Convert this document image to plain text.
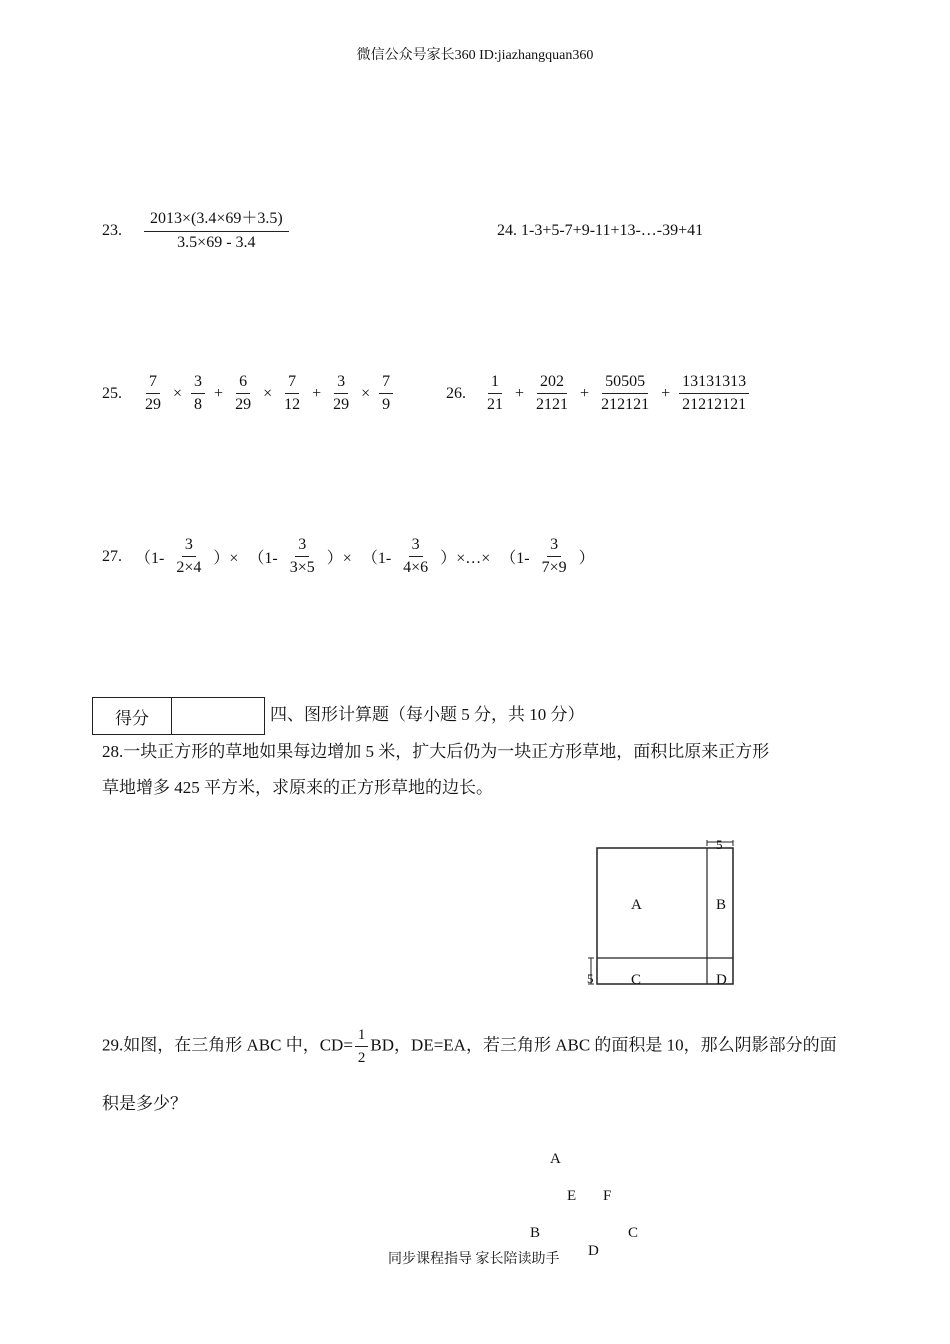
微信公众号家长360 ID:jiazhangquan360
23. $\frac{2013\times(3.4\times 69+3.5)}{3.5\times 69 - 3.4}$	24. 1-3+5-7+9-11+13-…-39+41
25. $\frac{7}{29} \times \frac{3}{8} + \frac{6}{29} \times \frac{7}{12} + \frac{3}{29} \times \frac{7}{9}$	26. $\frac{1}{21} + \frac{202}{2121} + \frac{50505}{212121} + \frac{13131313}{21212121}$
27. （$1- \frac{3}{2\times 4}$ ）× （$1- \frac{3}{3\times 5}$ ）× （$1- \frac{3}{4\times 6}$ ）×…× （$1- \frac{3}{7\times 9}$ ）
得分		四、图形计算题（每小题 5 分，共 10 分）
28.一块正方形的草地如果每边增加 5 米，扩大后仍为一块正方形草地，面积比原来正方形
草地增多 425 平方米，求原来的正方形草地的边长。
A	B
C	D
5
5
29.如图，在三角形 ABC 中，$CD= \frac{1}{2}$ BD，DE=EA，若三角形 ABC 的面积是 10，那么阴影部分的面
积是多少？
A
E F
B	C
D
同步课程指导 家长陪读助手
